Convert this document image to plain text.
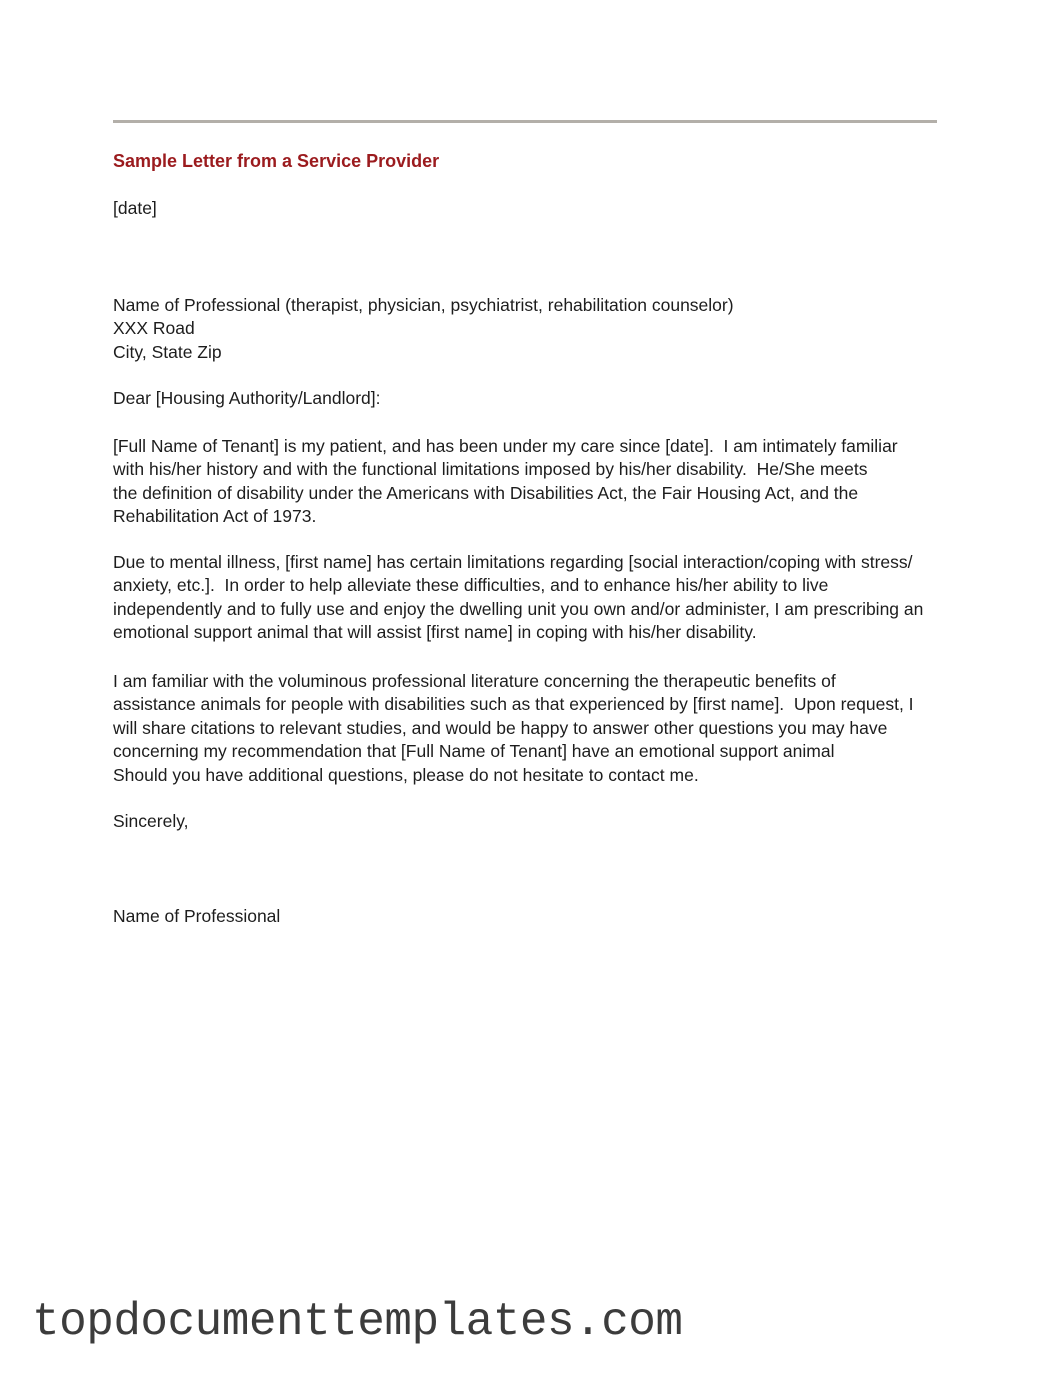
Sample Letter from a Service Provider
[date]
Name of Professional (therapist, physician, psychiatrist, rehabilitation counselor)
XXX Road
City, State Zip
Dear [Housing Authority/Landlord]:
[Full Name of Tenant] is my patient, and has been under my care since [date].  I am intimately familiar
with his/her history and with the functional limitations imposed by his/her disability.  He/She meets
the definition of disability under the Americans with Disabilities Act, the Fair Housing Act, and the
Rehabilitation Act of 1973.
Due to mental illness, [first name] has certain limitations regarding [social interaction/coping with stress/
anxiety, etc.].  In order to help alleviate these difficulties, and to enhance his/her ability to live
independently and to fully use and enjoy the dwelling unit you own and/or administer, I am prescribing an
emotional support animal that will assist [first name] in coping with his/her disability.
I am familiar with the voluminous professional literature concerning the therapeutic benefits of
assistance animals for people with disabilities such as that experienced by [first name].  Upon request, I
will share citations to relevant studies, and would be happy to answer other questions you may have
concerning my recommendation that [Full Name of Tenant] have an emotional support animal
Should you have additional questions, please do not hesitate to contact me.
Sincerely,
Name of Professional
topdocumenttemplates.com
